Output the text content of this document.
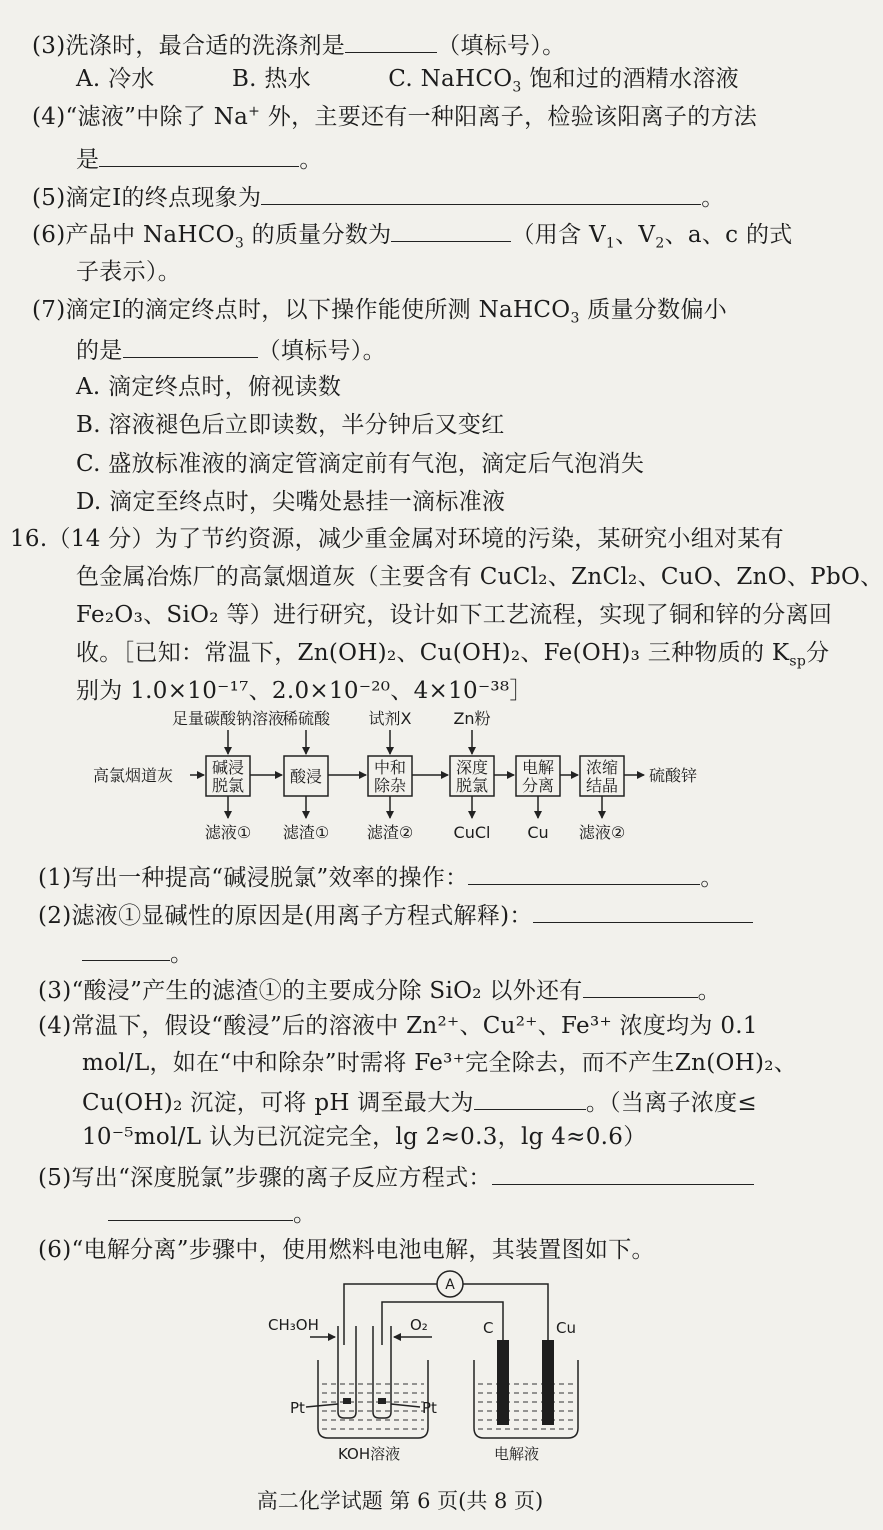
(3)洗涤时，最合适的洗涤剂是	（填标号）。
A. 冷水	B. 热水	C. NaHCO$_3$ 饱和过的酒精水溶液
(4)“滤液”中除了 Na+ 外，主要还有一种阳离子，检验该阳离子的方法
是	。
(5)滴定Ⅰ的终点现象为	。
(6)产品中 NaHCO$_3$ 的质量分数为	（用含 $V_1$、$V_2$、a、c 的式
子表示）。
(7)滴定Ⅰ的滴定终点时，以下操作能使所测 NaHCO$_3$ 质量分数偏小
的是	（填标号）。
A. 滴定终点时，俯视读数
B. 溶液褪色后立即读数，半分钟后又变红
C. 盛放标准液的滴定管滴定前有气泡，滴定后气泡消失
D. 滴定至终点时，尖嘴处悬挂一滴标准液
16.（14 分）为了节约资源，减少重金属对环境的污染，某研究小组对某有
色金属冶炼厂的高氯烟道灰（主要含有 CuCl₂、ZnCl₂、CuO、ZnO、PbO、
Fe₂O₃、SiO₂ 等）进行研究，设计如下工艺流程，实现了铜和锌的分离回
收。［已知：常温下，Zn(OH)₂、Cu(OH)₂、Fe(OH)₃ 三种物质的 $K_{sp}$分
别为 1.0×10⁻¹⁷、2.0×10⁻²⁰、4×10⁻³⁸］
高氯烟道灰	硫酸锌
足量碳酸钠溶液
稀硫酸 试剂X	Zn粉
碱浸
脱氯	酸浸	中和
除杂
深度
脱氯
电解
分离
浓缩
结晶
滤液① 滤渣① 滤渣②	CuCl Cu 滤液②
(1)写出一种提高“碱浸脱氯”效率的操作：	。
(2)滤液①显碱性的原因是(用离子方程式解释)：
。
(3)“酸浸”产生的滤渣①的主要成分除 SiO₂ 以外还有	。
(4)常温下，假设“酸浸”后的溶液中 Zn²⁺、Cu²⁺、Fe³⁺ 浓度均为 0.1
mol/L，如在“中和除杂”时需将 Fe³⁺完全除去，而不产生Zn(OH)₂、
Cu(OH)₂ 沉淀，可将 pH 调至最大为	。（当离子浓度≤
10⁻⁵mol/L 认为已沉淀完全，lg 2≈0.3，lg 4≈0.6）
(5)写出“深度脱氯”步骤的离子反应方程式：
。
(6)“电解分离”步骤中，使用燃料电池电解，其装置图如下。
A
CH₃OH	O₂
Pt	Pt
KOH溶液
C	Cu
电解液
高二化学试题 第 6 页(共 8 页)
